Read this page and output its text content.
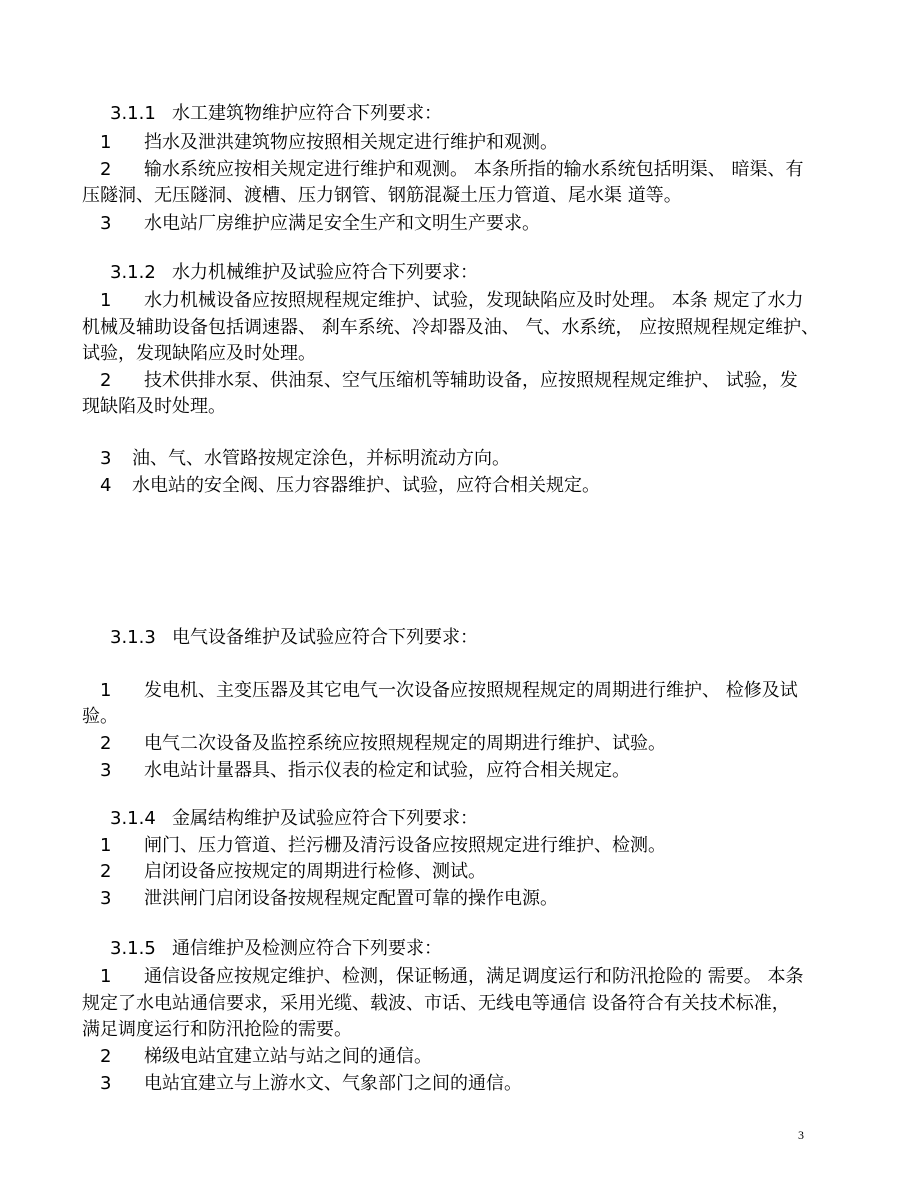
3.1.1 水工建筑物维护应符合下列要求：
1 挡水及泄洪建筑物应按照相关规定进行维护和观测。
2 输水系统应按相关规定进行维护和观测。 本条所指的输水系统包括明渠、 暗渠、有
压隧洞、无压隧洞、渡槽、压力钢管、钢筋混凝土压力管道、尾水渠 道等。
3 水电站厂房维护应满足安全生产和文明生产要求。
3.1.2 水力机械维护及试验应符合下列要求：
1 水力机械设备应按照规程规定维护、试验，发现缺陷应及时处理。 本条 规定了水力
机械及辅助设备包括调速器、 刹车系统、冷却器及油、 气、水系统， 应按照规程规定维护、
试验，发现缺陷应及时处理。
2 技术供排水泵、供油泵、空气压缩机等辅助设备，应按照规程规定维护、 试验，发
现缺陷及时处理。
3 油、气、水管路按规定涂色，并标明流动方向。
4 水电站的安全阀、压力容器维护、试验，应符合相关规定。
3.1.3 电气设备维护及试验应符合下列要求：
1 发电机、主变压器及其它电气一次设备应按照规程规定的周期进行维护、 检修及试
验。
2 电气二次设备及监控系统应按照规程规定的周期进行维护、试验。
3 水电站计量器具、指示仪表的检定和试验，应符合相关规定。
3.1.4 金属结构维护及试验应符合下列要求：
1 闸门、压力管道、拦污栅及清污设备应按照规定进行维护、检测。
2 启闭设备应按规定的周期进行检修、测试。
3 泄洪闸门启闭设备按规程规定配置可靠的操作电源。
3.1.5 通信维护及检测应符合下列要求：
1 通信设备应按规定维护、检测，保证畅通，满足调度运行和防汛抢险的 需要。 本条
规定了水电站通信要求，采用光缆、载波、市话、无线电等通信 设备符合有关技术标准，
满足调度运行和防汛抢险的需要。
2 梯级电站宜建立站与站之间的通信。
3 电站宜建立与上游水文、气象部门之间的通信。
3
